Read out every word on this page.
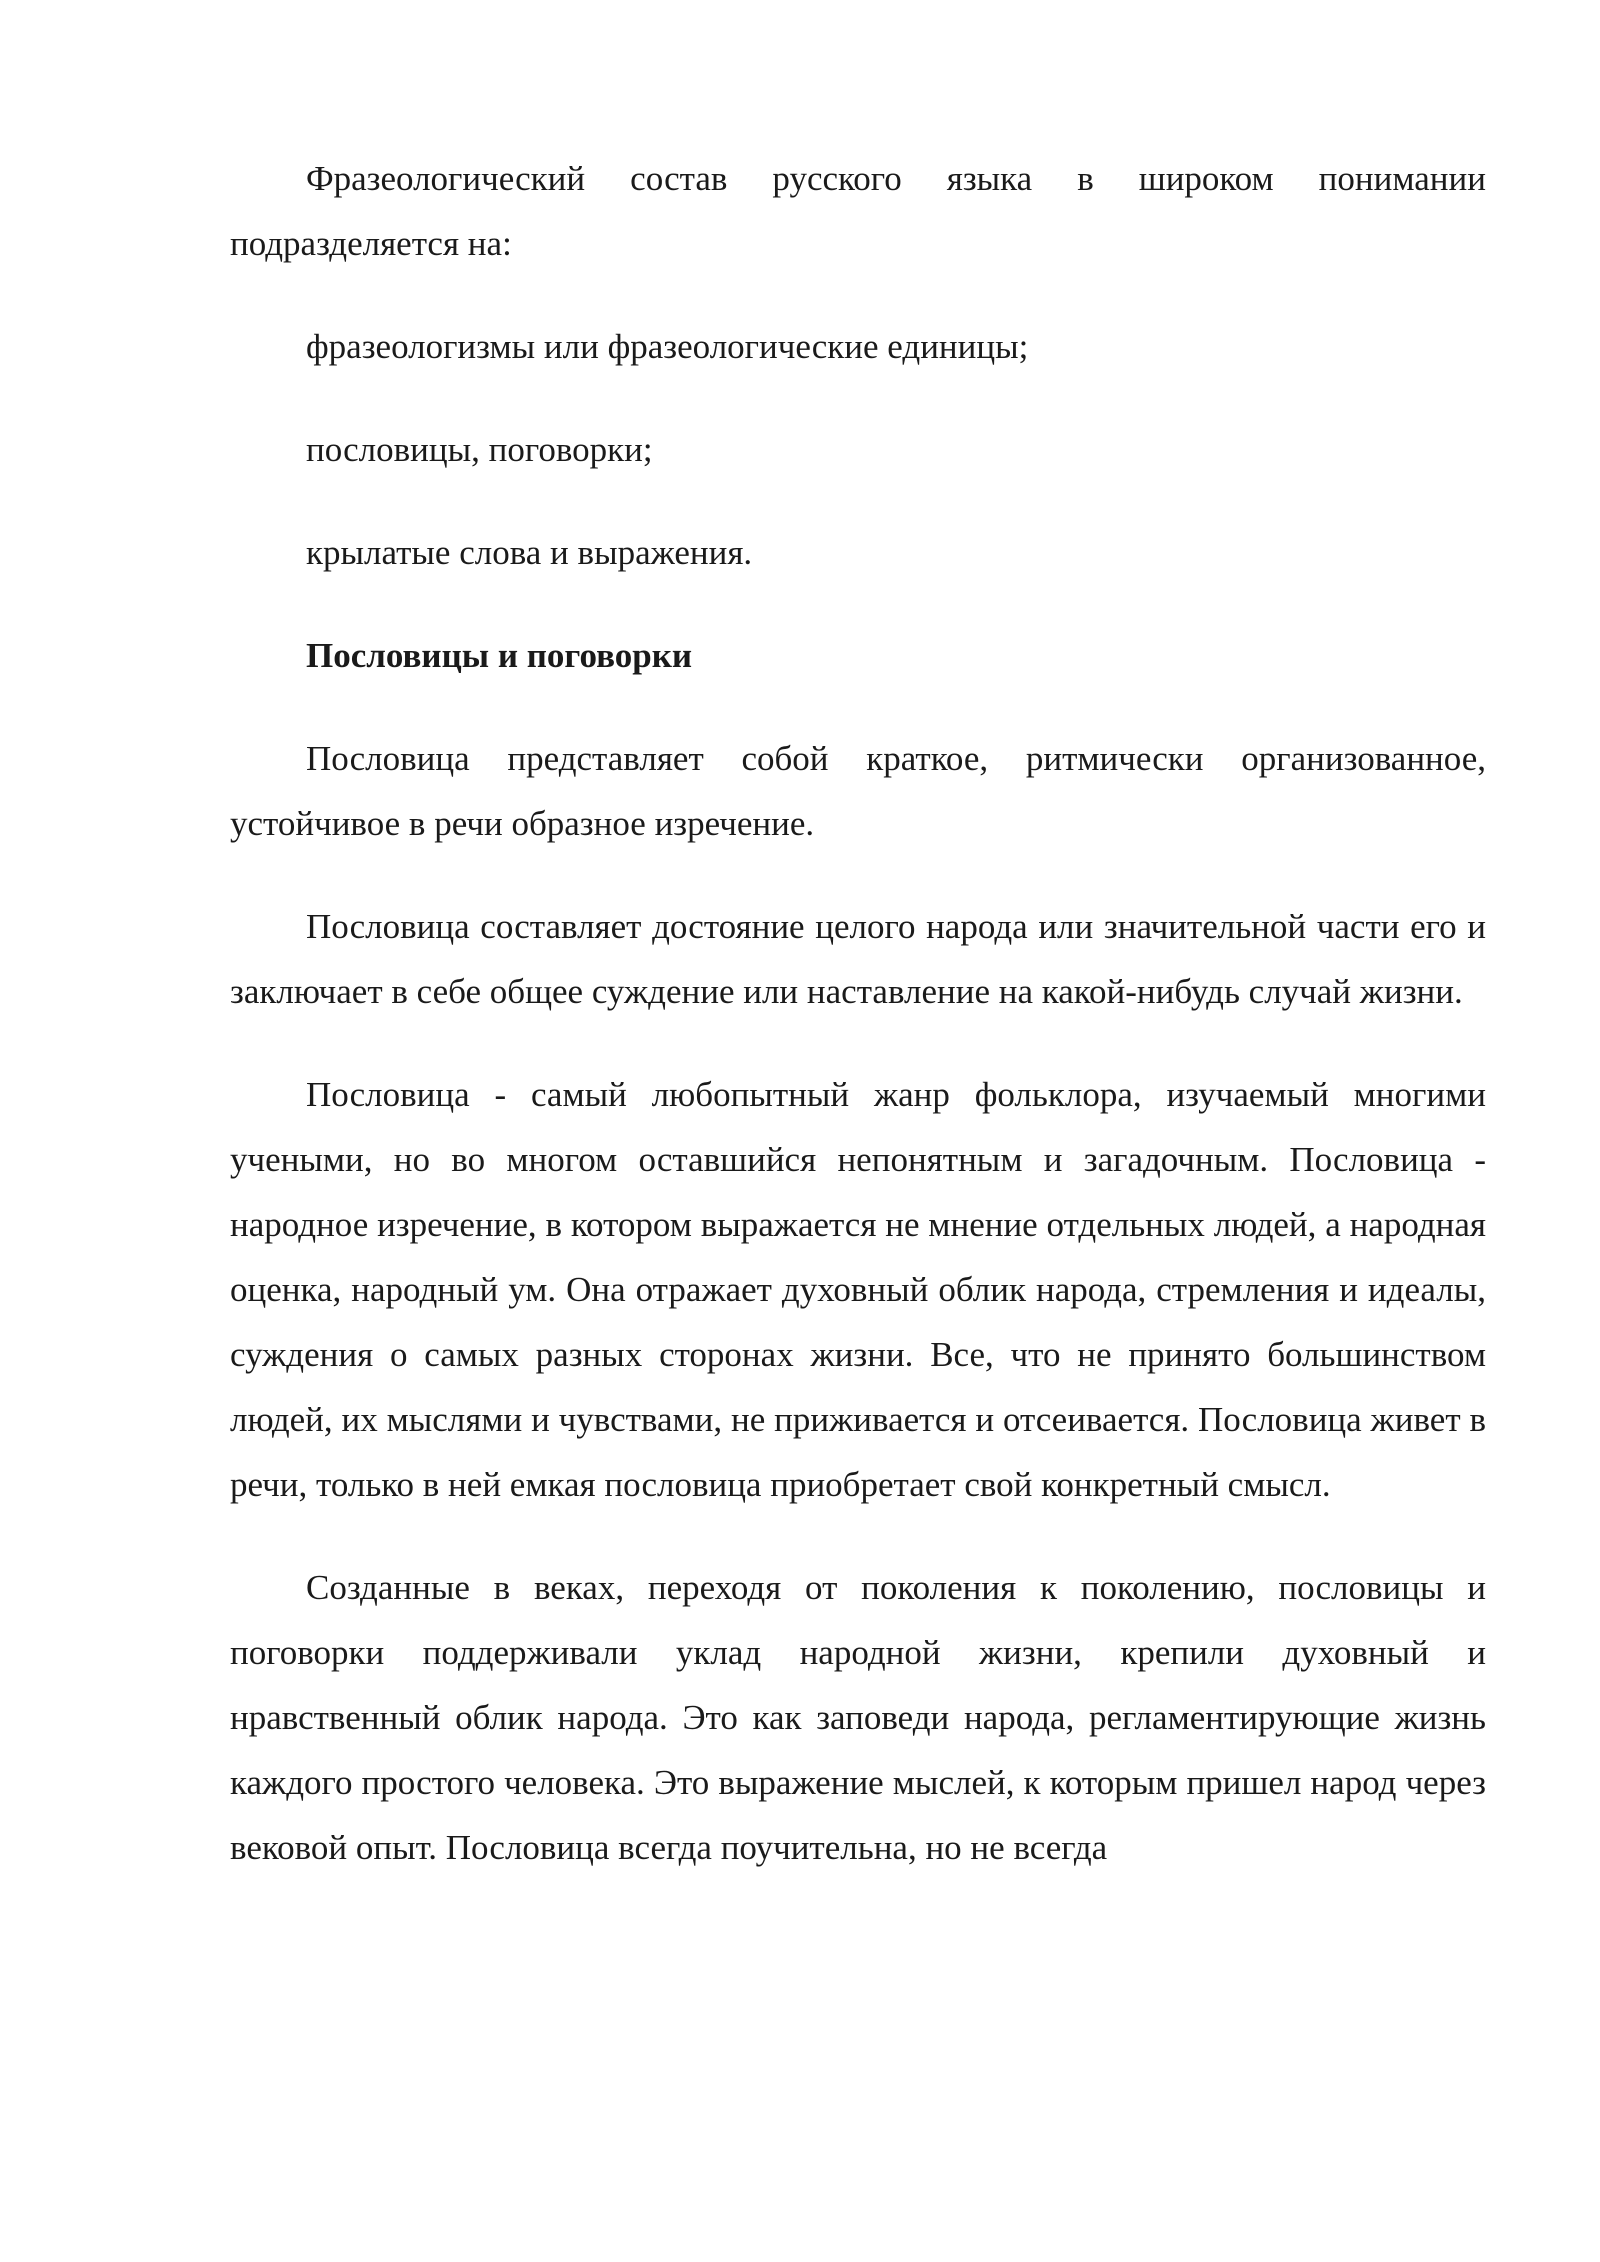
Фразеологический состав русского языка в широком понимании подразделяется на:

фразеологизмы или фразеологические единицы;

пословицы, поговорки;

крылатые слова и выражения.

Пословицы и поговорки

Пословица представляет собой краткое, ритмически организованное, устойчивое в речи образное изречение.

Пословица составляет достояние целого народа или значительной части его и заключает в себе общее суждение или наставление на какой-нибудь случай жизни.

Пословица - самый любопытный жанр фольклора, изучаемый многими учеными, но во многом оставшийся непонятным и загадочным. Пословица - народное изречение, в котором выражается не мнение отдельных людей, а народная оценка, народный ум. Она отражает духовный облик народа, стремления и идеалы, суждения о самых разных сторонах жизни. Все, что не принято большинством людей, их мыслями и чувствами, не приживается и отсеивается. Пословица живет в речи, только в ней емкая пословица приобретает свой конкретный смысл.

Созданные в веках, переходя от поколения к поколению, пословицы и поговорки поддерживали уклад народной жизни, крепили духовный и нравственный облик народа. Это как заповеди народа, регламентирующие жизнь каждого простого человека. Это выражение мыслей, к которым пришел народ через вековой опыт. Пословица всегда поучительна, но не всегда
